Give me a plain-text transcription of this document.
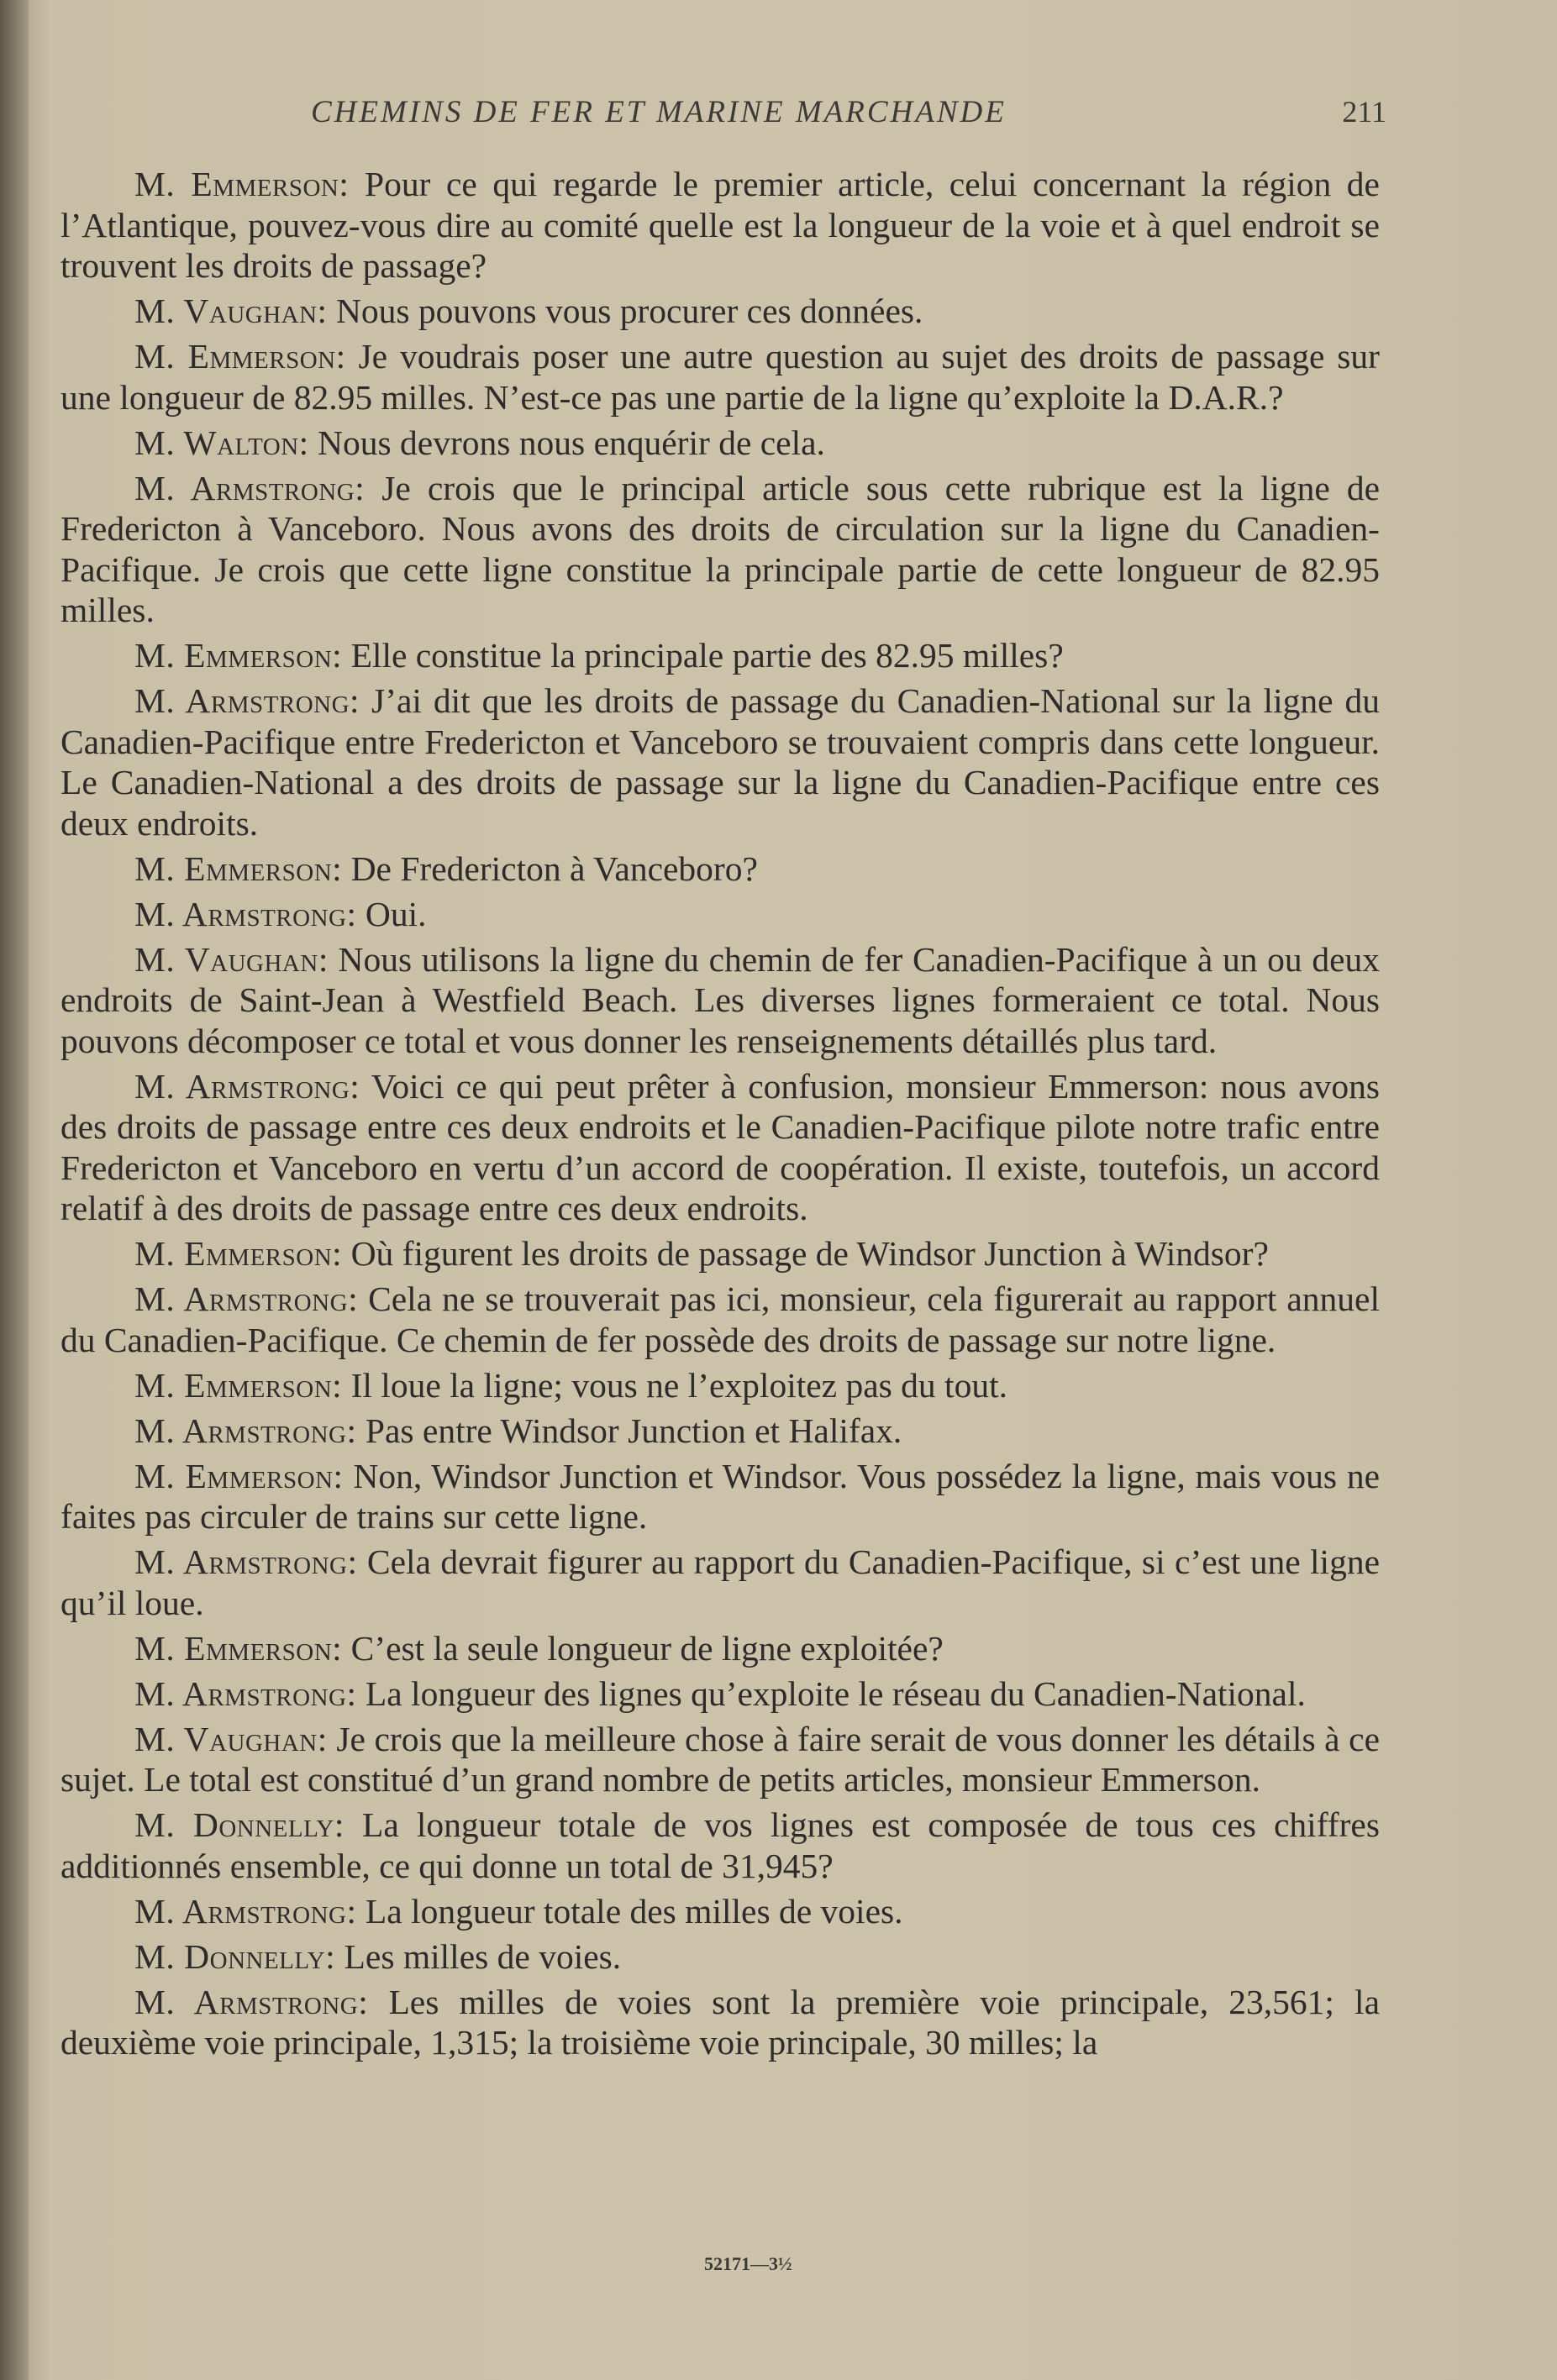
CHEMINS DE FER ET MARINE MARCHANDE	211

M. Emmerson: Pour ce qui regarde le premier article, celui concernant la région de l’Atlantique, pouvez-vous dire au comité quelle est la longueur de la voie et à quel endroit se trouvent les droits de passage?

M. Vaughan: Nous pouvons vous procurer ces données.

M. Emmerson: Je voudrais poser une autre question au sujet des droits de passage sur une longueur de 82.95 milles. N’est-ce pas une partie de la ligne qu’exploite la D.A.R.?

M. Walton: Nous devrons nous enquérir de cela.

M. Armstrong: Je crois que le principal article sous cette rubrique est la ligne de Fredericton à Vanceboro. Nous avons des droits de circulation sur la ligne du Canadien-Pacifique. Je crois que cette ligne constitue la principale partie de cette longueur de 82.95 milles.

M. Emmerson: Elle constitue la principale partie des 82.95 milles?

M. Armstrong: J’ai dit que les droits de passage du Canadien-National sur la ligne du Canadien-Pacifique entre Fredericton et Vanceboro se trouvaient compris dans cette longueur. Le Canadien-National a des droits de passage sur la ligne du Canadien-Pacifique entre ces deux endroits.

M. Emmerson: De Fredericton à Vanceboro?

M. Armstrong: Oui.

M. Vaughan: Nous utilisons la ligne du chemin de fer Canadien-Pacifique à un ou deux endroits de Saint-Jean à Westfield Beach. Les diverses lignes formeraient ce total. Nous pouvons décomposer ce total et vous donner les renseignements détaillés plus tard.

M. Armstrong: Voici ce qui peut prêter à confusion, monsieur Emmerson: nous avons des droits de passage entre ces deux endroits et le Canadien-Pacifique pilote notre trafic entre Fredericton et Vanceboro en vertu d’un accord de coopération. Il existe, toutefois, un accord relatif à des droits de passage entre ces deux endroits.

M. Emmerson: Où figurent les droits de passage de Windsor Junction à Windsor?

M. Armstrong: Cela ne se trouverait pas ici, monsieur, cela figurerait au rapport annuel du Canadien-Pacifique. Ce chemin de fer possède des droits de passage sur notre ligne.

M. Emmerson: Il loue la ligne; vous ne l’exploitez pas du tout.

M. Armstrong: Pas entre Windsor Junction et Halifax.

M. Emmerson: Non, Windsor Junction et Windsor. Vous possédez la ligne, mais vous ne faites pas circuler de trains sur cette ligne.

M. Armstrong: Cela devrait figurer au rapport du Canadien-Pacifique, si c’est une ligne qu’il loue.

M. Emmerson: C’est la seule longueur de ligne exploitée?

M. Armstrong: La longueur des lignes qu’exploite le réseau du Canadien-National.

M. Vaughan: Je crois que la meilleure chose à faire serait de vous donner les détails à ce sujet. Le total est constitué d’un grand nombre de petits articles, monsieur Emmerson.

M. Donnelly: La longueur totale de vos lignes est composée de tous ces chiffres additionnés ensemble, ce qui donne un total de 31,945?

M. Armstrong: La longueur totale des milles de voies.

M. Donnelly: Les milles de voies.

M. Armstrong: Les milles de voies sont la première voie principale, 23,561; la deuxième voie principale, 1,315; la troisième voie principale, 30 milles; la

52171—3½
